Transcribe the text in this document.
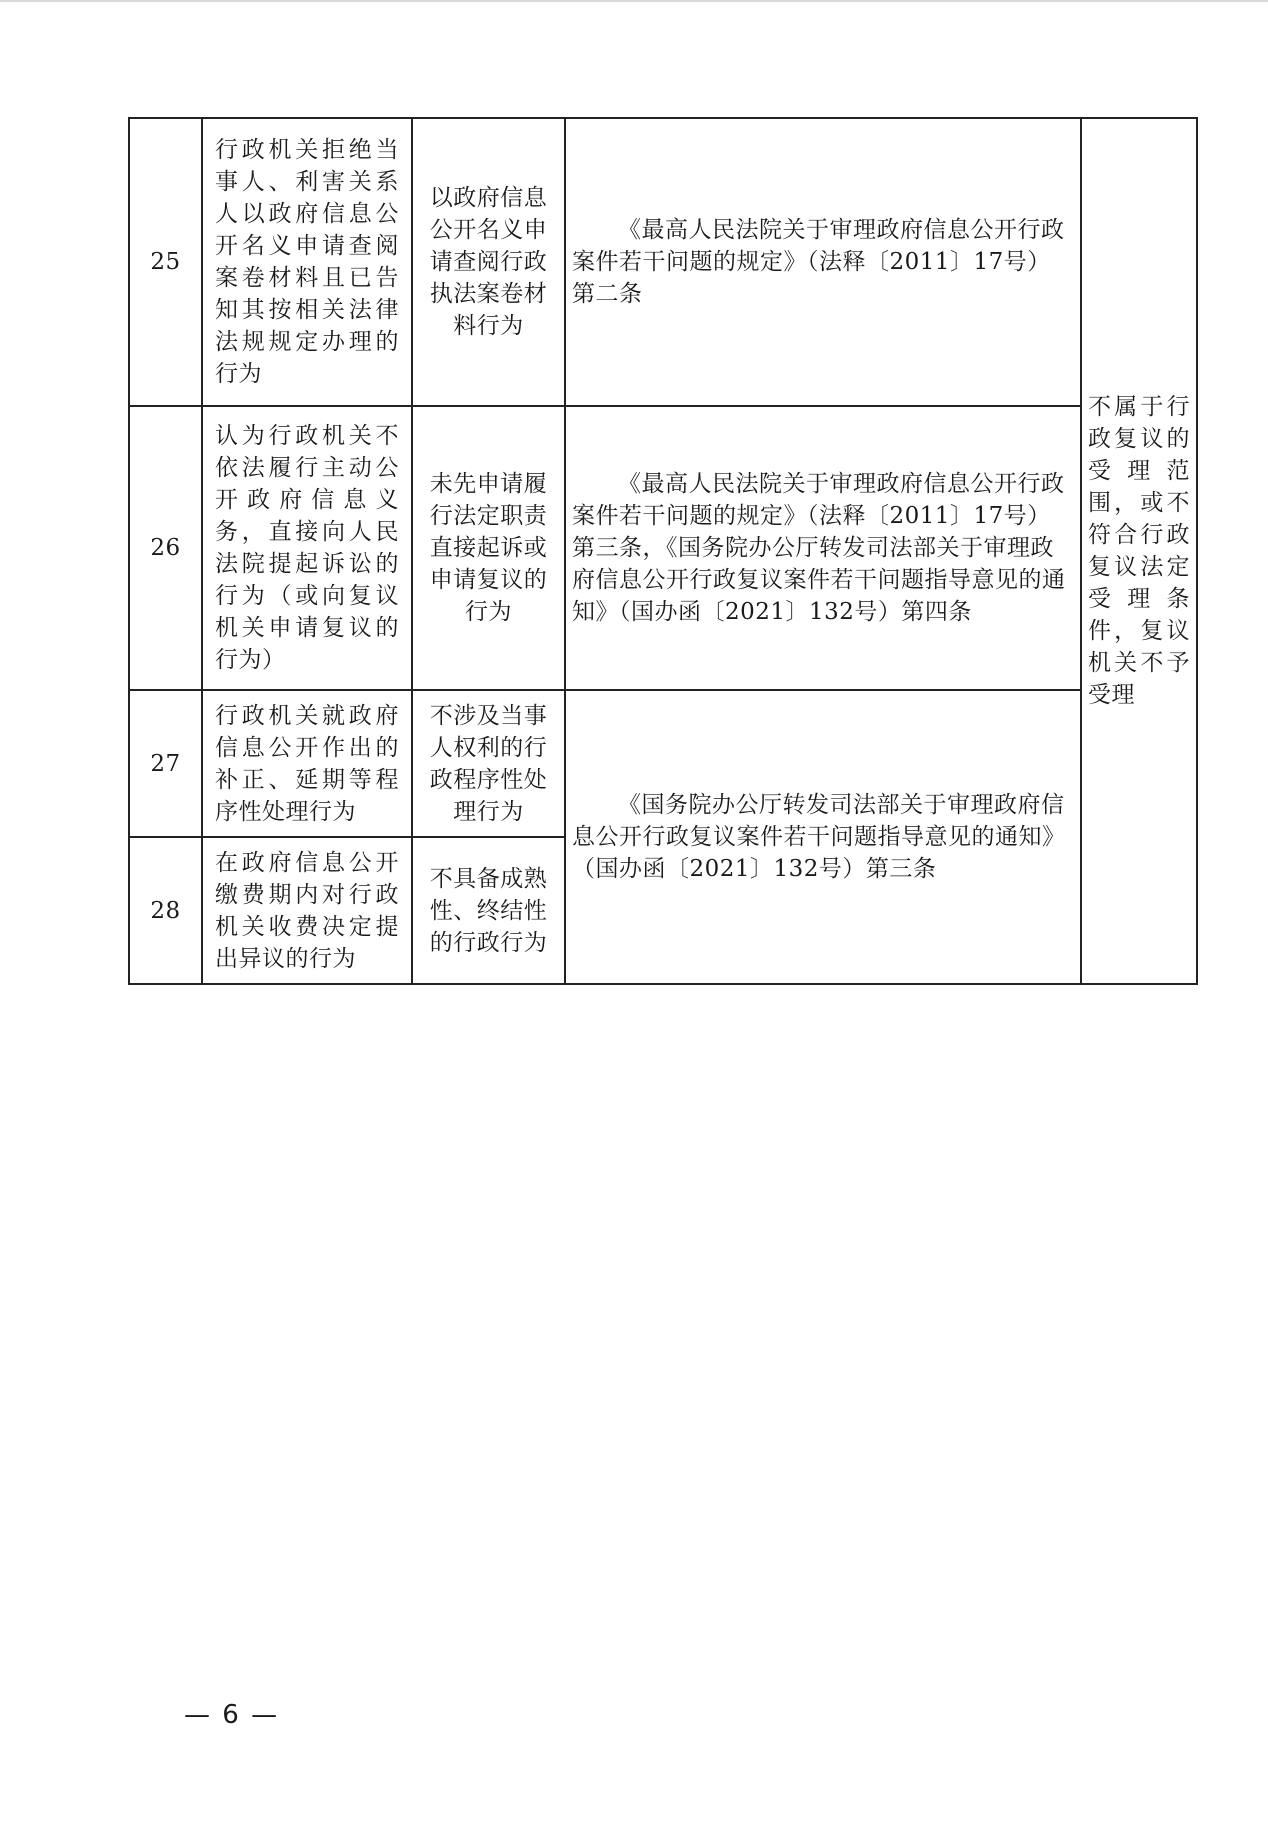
25	行政机关拒绝当事人、利害关系人以政府信息公开名义申请查阅案卷材料且已告知其按相关法律法规规定办理的行为	以政府信息公开名义申请查阅行政执法案卷材料行为	《最高人民法院关于审理政府信息公开行政案件若干问题的规定》（法释〔2011〕17号）第二条	不属于行政复议的受理范围，或不符合行政复议法定受理条件，复议机关不予受理
26	认为行政机关不依法履行主动公开政府信息义务，直接向人民法院提起诉讼的行为（或向复议机关申请复议的行为）	未先申请履行法定职责直接起诉或申请复议的行为	《最高人民法院关于审理政府信息公开行政案件若干问题的规定》（法释〔2011〕17号）第三条，《国务院办公厅转发司法部关于审理政府信息公开行政复议案件若干问题指导意见的通知》（国办函〔2021〕132号）第四条	

27	行政机关就政府信息公开作出的补正、延期等程序性处理行为	不涉及当事人权利的行政程序性处理行为	《国务院办公厅转发司法部关于审理政府信息公开行政复议案件若干问题指导意见的通知》（国办函〔2021〕132号）第三条	

28	在政府信息公开缴费期内对行政机关收费决定提出异议的行为	不具备成熟性、终结性的行政行为		
— 6 —
